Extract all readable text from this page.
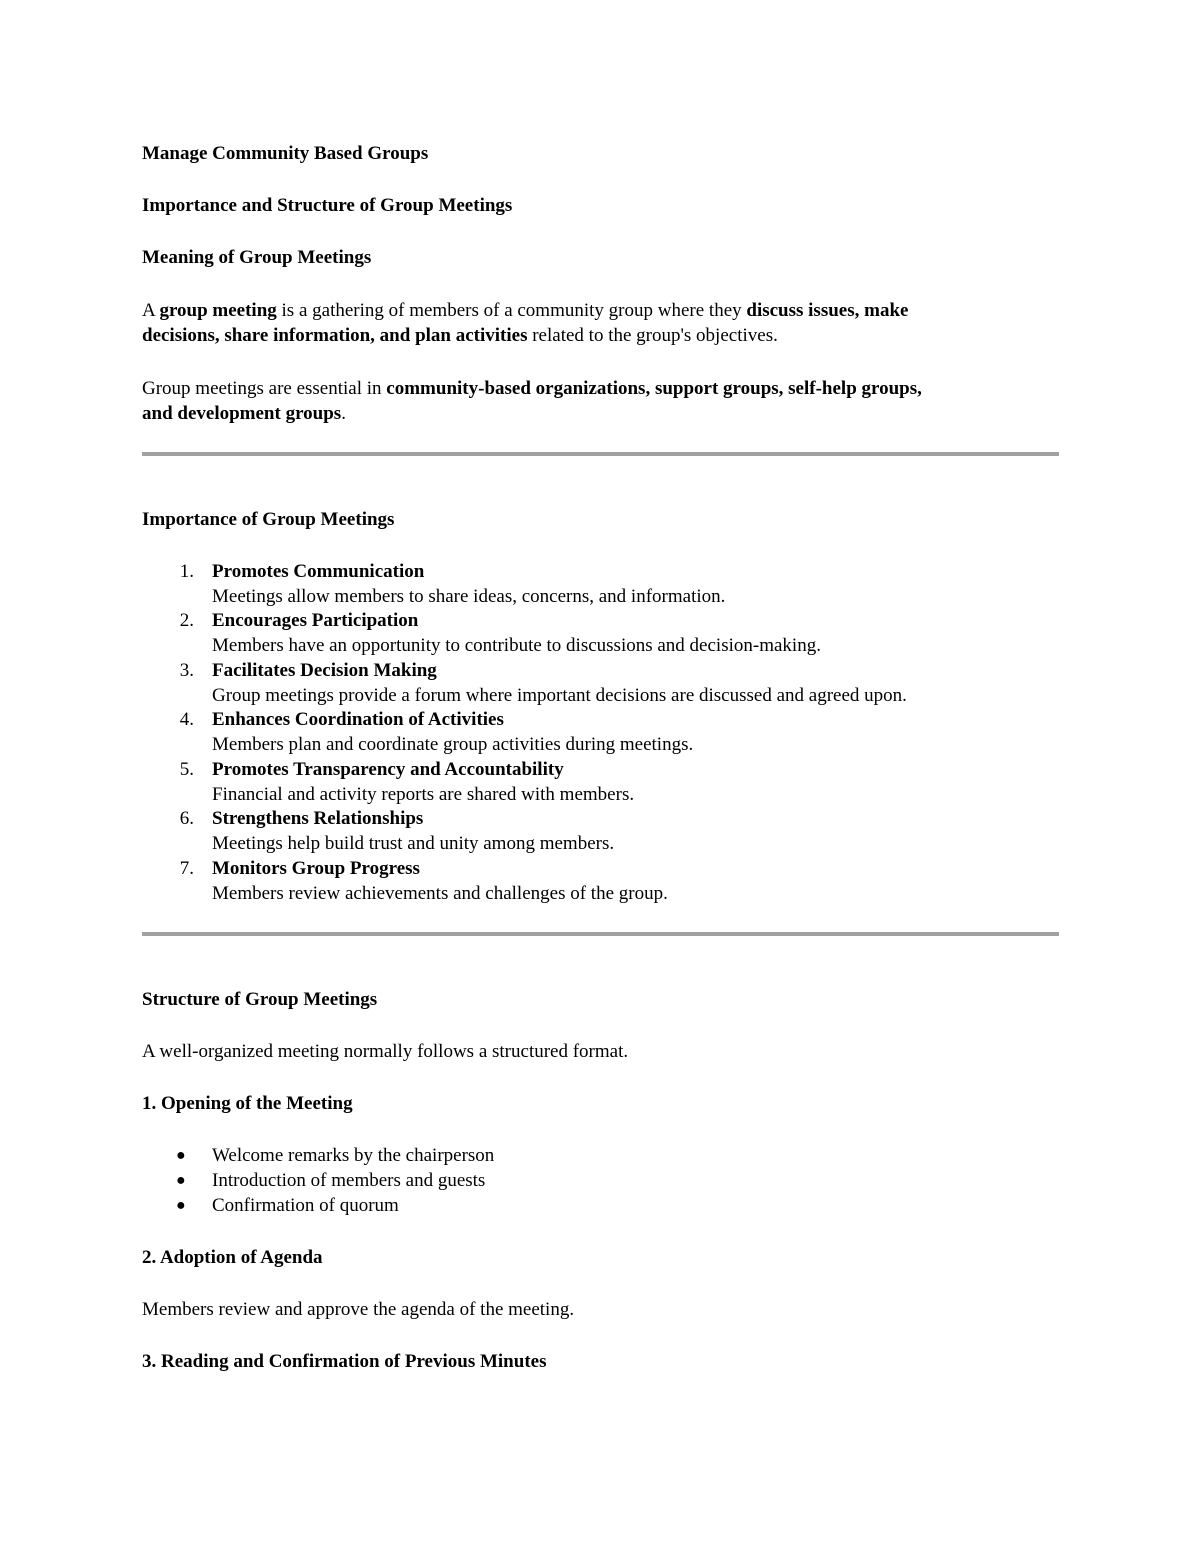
Manage Community Based Groups
Importance and Structure of Group Meetings
Meaning of Group Meetings
A group meeting is a gathering of members of a community group where they discuss issues, make
decisions, share information, and plan activities related to the group's objectives.
Group meetings are essential in community-based organizations, support groups, self-help groups,
and development groups.
Importance of Group Meetings
1. Promotes Communication
Meetings allow members to share ideas, concerns, and information.
2. Encourages Participation
Members have an opportunity to contribute to discussions and decision-making.
3. Facilitates Decision Making
Group meetings provide a forum where important decisions are discussed and agreed upon.
4. Enhances Coordination of Activities
Members plan and coordinate group activities during meetings.
5. Promotes Transparency and Accountability
Financial and activity reports are shared with members.
6. Strengthens Relationships
Meetings help build trust and unity among members.
7. Monitors Group Progress
Members review achievements and challenges of the group.
Structure of Group Meetings
A well-organized meeting normally follows a structured format.
1. Opening of the Meeting
● Welcome remarks by the chairperson
● Introduction of members and guests
● Confirmation of quorum
2. Adoption of Agenda
Members review and approve the agenda of the meeting.
3. Reading and Confirmation of Previous Minutes
